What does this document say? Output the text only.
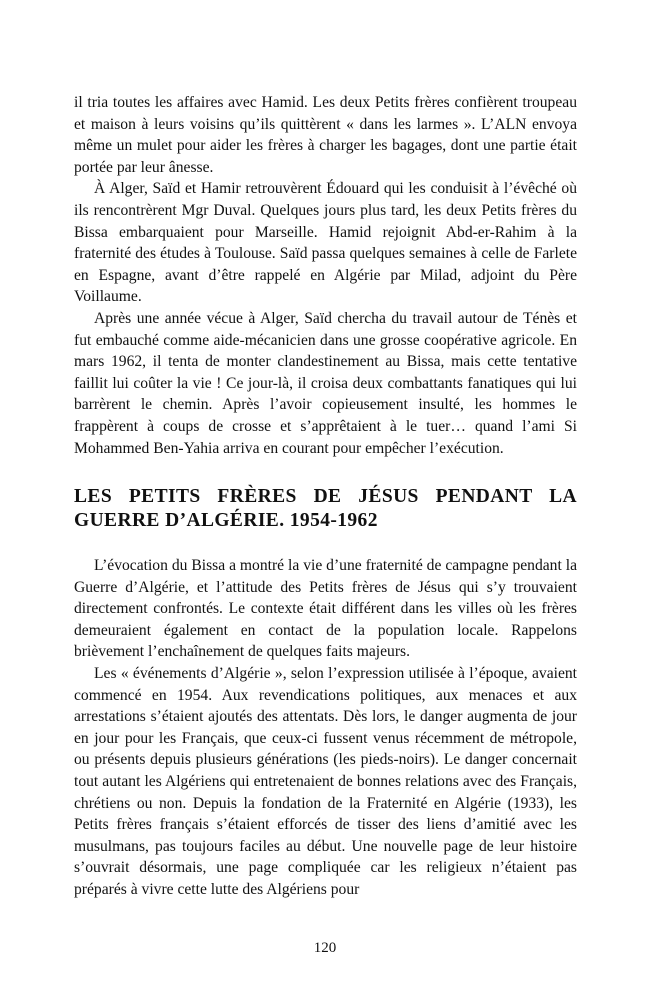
il tria toutes les affaires avec Hamid. Les deux Petits frères confièrent troupeau et maison à leurs voisins qu’ils quittèrent « dans les larmes ». L’ALN envoya même un mulet pour aider les frères à charger les bagages, dont une partie était portée par leur ânesse.

À Alger, Saïd et Hamir retrouvèrent Édouard qui les conduisit à l’évêché où ils rencontrèrent Mgr Duval. Quelques jours plus tard, les deux Petits frères du Bissa embarquaient pour Marseille. Hamid rejoignit Abd-er-Rahim à la fraternité des études à Toulouse. Saïd passa quelques semaines à celle de Farlete en Espagne, avant d’être rappelé en Algérie par Milad, adjoint du Père Voillaume.

Après une année vécue à Alger, Saïd chercha du travail autour de Ténès et fut embauché comme aide-mécanicien dans une grosse coopérative agricole. En mars 1962, il tenta de monter clandestinement au Bissa, mais cette tentative faillit lui coûter la vie ! Ce jour-là, il croisa deux combattants fanatiques qui lui barrèrent le chemin. Après l’avoir copieusement insulté, les hommes le frappèrent à coups de crosse et s’apprêtaient à le tuer… quand l’ami Si Mohammed Ben-Yahia arriva en courant pour empêcher l’exécution.

LES PETITS FRÈRES DE JÉSUS PENDANT LA GUERRE D’ALGÉRIE. 1954-1962

L’évocation du Bissa a montré la vie d’une fraternité de campagne pendant la Guerre d’Algérie, et l’attitude des Petits frères de Jésus qui s’y trouvaient directement confrontés. Le contexte était différent dans les villes où les frères demeuraient également en contact de la population locale. Rappelons brièvement l’enchaînement de quelques faits majeurs.

Les « événements d’Algérie », selon l’expression utilisée à l’époque, avaient commencé en 1954. Aux revendications politiques, aux menaces et aux arrestations s’étaient ajoutés des attentats. Dès lors, le danger augmenta de jour en jour pour les Français, que ceux-ci fussent venus récemment de métropole, ou présents depuis plusieurs générations (les pieds-noirs). Le danger concernait tout autant les Algériens qui entretenaient de bonnes relations avec des Français, chrétiens ou non. Depuis la fondation de la Fraternité en Algérie (1933), les Petits frères français s’étaient efforcés de tisser des liens d’amitié avec les musulmans, pas toujours faciles au début. Une nouvelle page de leur histoire s’ouvrait désormais, une page compliquée car les religieux n’étaient pas préparés à vivre cette lutte des Algériens pour

120
